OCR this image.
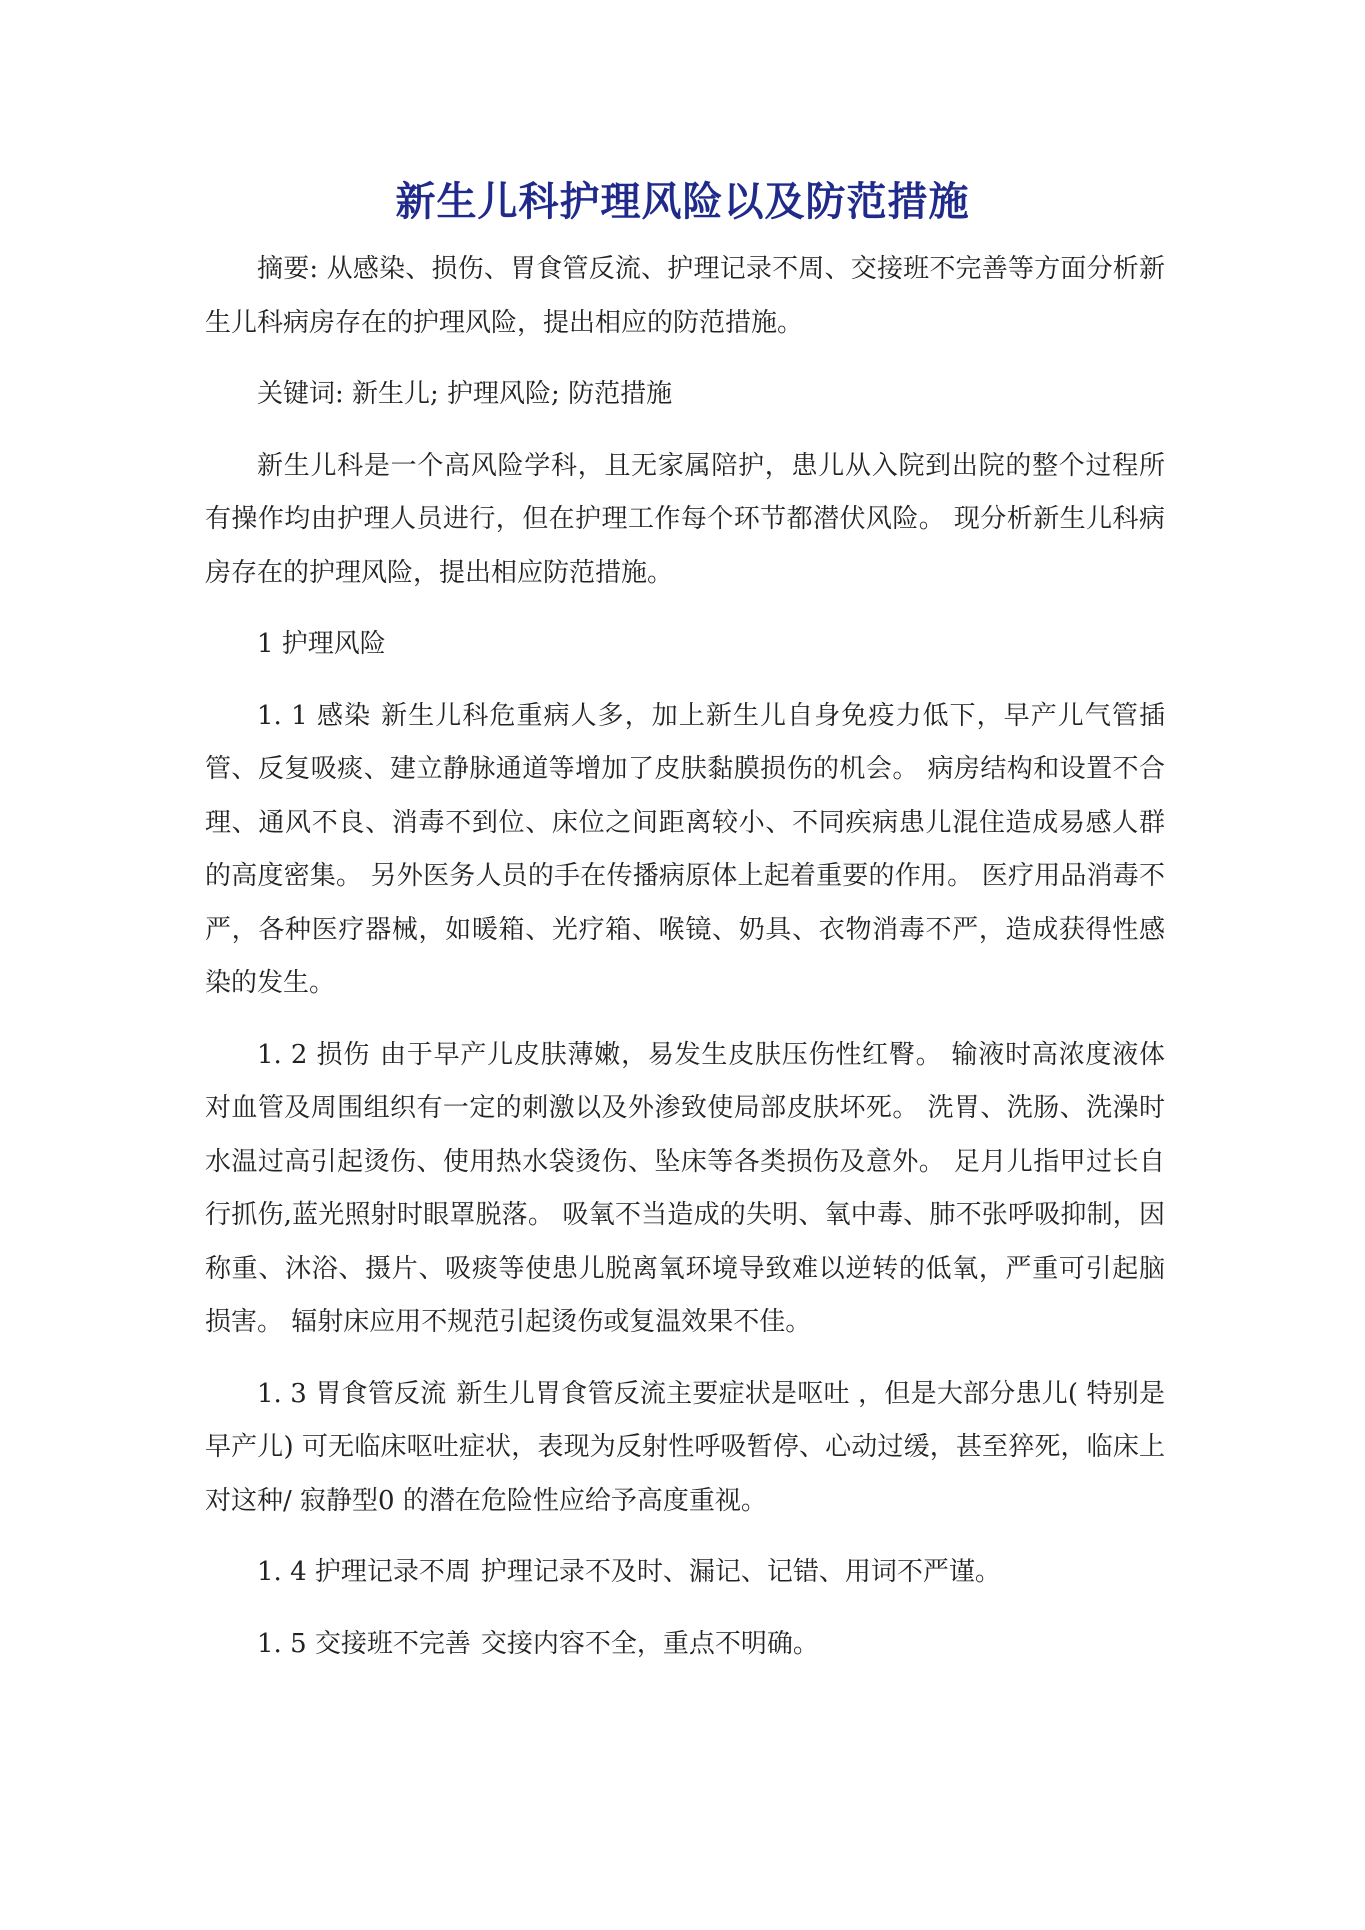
新生儿科护理风险以及防范措施

摘要: 从感染、损伤、胃食管反流、护理记录不周、交接班不完善等方面分析新生儿科病房存在的护理风险，提出相应的防范措施。

关键词: 新生儿; 护理风险; 防范措施

新生儿科是一个高风险学科，且无家属陪护，患儿从入院到出院的整个过程所有操作均由护理人员进行，但在护理工作每个环节都潜伏风险。 现分析新生儿科病房存在的护理风险，提出相应防范措施。

1 护理风险

1. 1 感染 新生儿科危重病人多，加上新生儿自身免疫力低下，早产儿气管插管、反复吸痰、建立静脉通道等增加了皮肤黏膜损伤的机会。 病房结构和设置不合理、通风不良、消毒不到位、床位之间距离较小、不同疾病患儿混住造成易感人群的高度密集。 另外医务人员的手在传播病原体上起着重要的作用。 医疗用品消毒不严，各种医疗器械，如暖箱、光疗箱、喉镜、奶具、衣物消毒不严，造成获得性感染的发生。

1. 2 损伤 由于早产儿皮肤薄嫩，易发生皮肤压伤性红臀。 输液时高浓度液体对血管及周围组织有一定的刺激以及外渗致使局部皮肤坏死。 洗胃、洗肠、洗澡时水温过高引起烫伤、使用热水袋烫伤、坠床等各类损伤及意外。 足月儿指甲过长自行抓伤,蓝光照射时眼罩脱落。 吸氧不当造成的失明、氧中毒、肺不张呼吸抑制，因称重、沐浴、摄片、吸痰等使患儿脱离氧环境导致难以逆转的低氧，严重可引起脑损害。 辐射床应用不规范引起烫伤或复温效果不佳。

1. 3 胃食管反流 新生儿胃食管反流主要症状是呕吐 ，但是大部分患儿( 特别是早产儿) 可无临床呕吐症状，表现为反射性呼吸暂停、心动过缓，甚至猝死，临床上对这种/ 寂静型0 的潜在危险性应给予高度重视。

1. 4 护理记录不周 护理记录不及时、漏记、记错、用词不严谨。

1. 5 交接班不完善 交接内容不全，重点不明确。
